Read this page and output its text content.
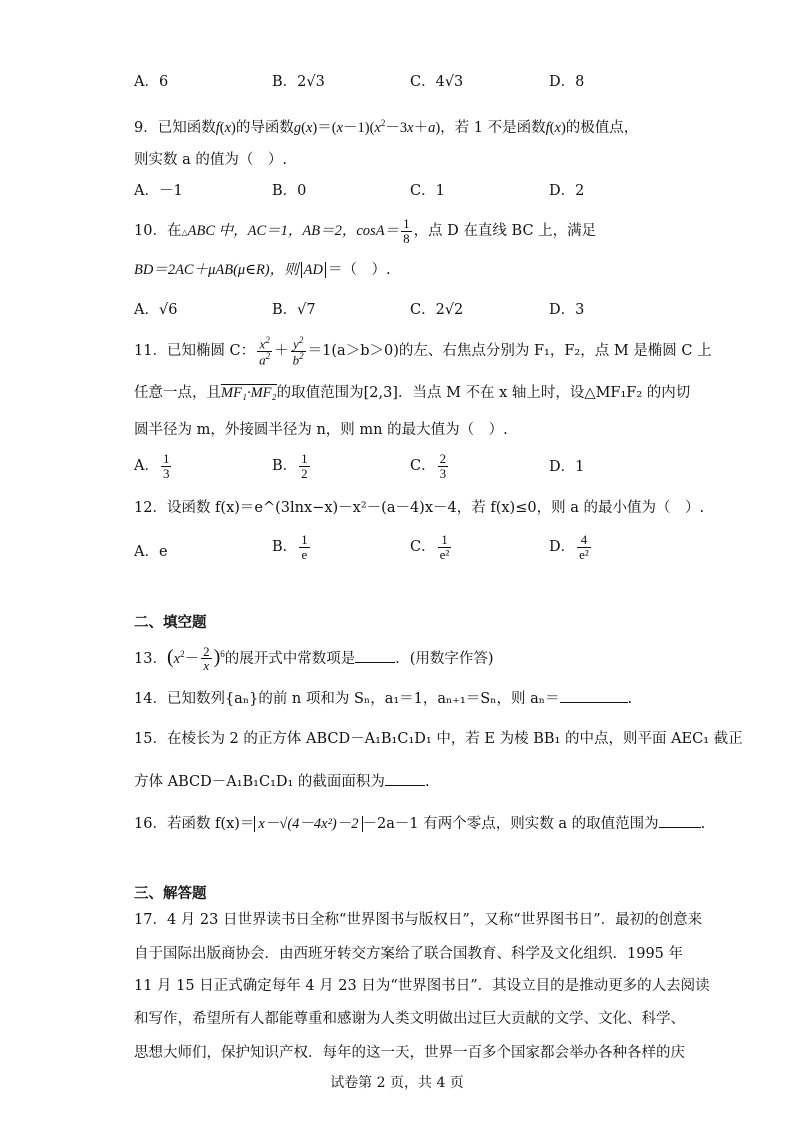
A．6	B．2√3	C．4√3	D．8
9．已知函数f(x)的导函数$g(x)=(x-1)(x^2-3x+a)$，若 1 不是函数f(x)的极值点，
则实数 a 的值为（　）.
A．－1	B．0	C．1	D．2
10．在△ABC 中，AC＝1，AB＝2，$\cos A= \frac{1}{8}$ ，点 D 在直线 BC 上，满足
BD＝2AC＋μAB(μ∈R)，则 AD ＝（　）.
A．√6	B．√7	C．2√2	D．3
11．已知椭圆 C： $\frac{x^2}{a^2} + \frac{y^2}{b^2} =1(a>b>0)$的左、右焦点分别为 F₁，F₂，点 M 是椭圆 C 上
任意一点，且MF₁·MF₂的取值范围为[2,3]．当点 M 不在 x 轴上时，设△MF₁F₂ 的内切
圆半径为 m，外接圆半径为 n，则 mn 的最大值为（　）.
A． $\frac{1}{3}$	B． $\frac{1}{2}$	C． $\frac{2}{3}$	D．1
12．设函数 f(x)＝e^(3lnx−x)－x²－(a－4)x－4，若 f(x)≤0，则 a 的最小值为（　）.
A．e	B． $\frac{1}{e}$	C． $\frac{1}{\text{e²}}$	D． $\frac{4}{\text{e²}}$
二、填空题
13．$(x^2- \frac{2}{x} )^6$的展开式中常数项是	．(用数字作答)
14．已知数列{aₙ}的前 n 项和为 Sₙ，a₁＝1，aₙ₊₁＝Sₙ，则 aₙ＝	.
15．在棱长为 2 的正方体 ABCD－A₁B₁C₁D₁ 中，若 E 为棱 BB₁ 的中点，则平面 AEC₁ 截正
方体 ABCD－A₁B₁C₁D₁ 的截面面积为	.
16．若函数 f(x)＝ x－√(4－4x²)－2 －2a－1 有两个零点，则实数 a 的取值范围为	.
三、解答题
17．4 月 23 日世界读书日全称“世界图书与版权日”，又称“世界图书日”．最初的创意来
自于国际出版商协会．由西班牙转交方案给了联合国教育、科学及文化组织．1995 年
11 月 15 日正式确定每年 4 月 23 日为“世界图书日”．其设立目的是推动更多的人去阅读
和写作，希望所有人都能尊重和感谢为人类文明做出过巨大贡献的文学、文化、科学、
思想大师们，保护知识产权．每年的这一天，世界一百多个国家都会举办各种各样的庆
试卷第 2 页，共 4 页
